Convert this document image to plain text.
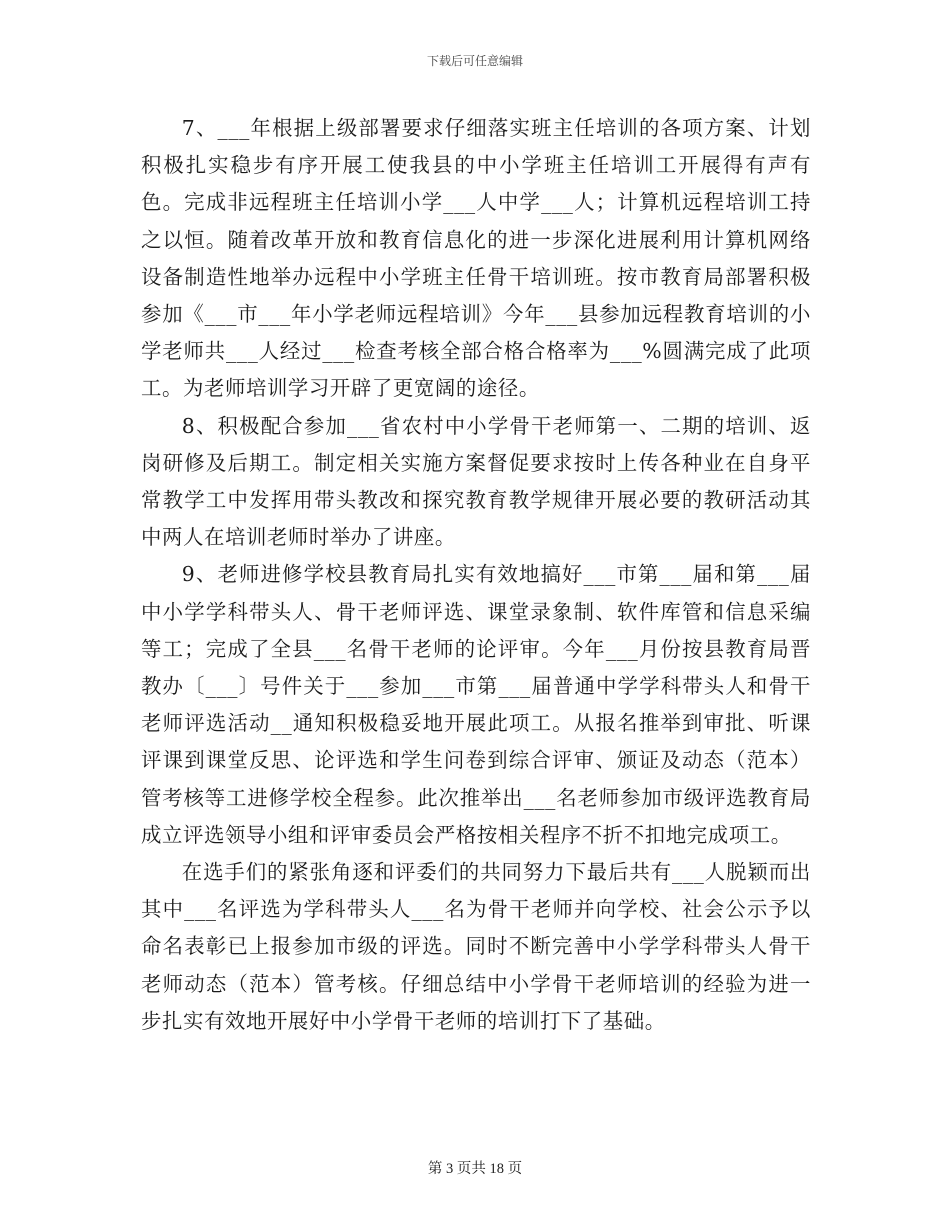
下载后可任意编辑

7、___年根据上级部署要求仔细落实班主任培训的各项方案、计划积极扎实稳步有序开展工使我县的中小学班主任培训工开展得有声有色。完成非远程班主任培训小学___人中学___人；计算机远程培训工持之以恒。随着改革开放和教育信息化的进一步深化进展利用计算机网络设备制造性地举办远程中小学班主任骨干培训班。按市教育局部署积极参加《___市___年小学老师远程培训》今年___县参加远程教育培训的小学老师共___人经过___检查考核全部合格合格率为___%圆满完成了此项工。为老师培训学习开辟了更宽阔的途径。

8、积极配合参加___省农村中小学骨干老师第一、二期的培训、返岗研修及后期工。制定相关实施方案督促要求按时上传各种业在自身平常教学工中发挥用带头教改和探究教育教学规律开展必要的教研活动其中两人在培训老师时举办了讲座。

9、老师进修学校县教育局扎实有效地搞好___市第___届和第___届中小学学科带头人、骨干老师评选、课堂录象制、软件库管和信息采编等工；完成了全县___名骨干老师的论评审。今年___月份按县教育局晋教办〔___〕号件关于___参加___市第___届普通中学学科带头人和骨干老师评选活动__通知积极稳妥地开展此项工。从报名推举到审批、听课评课到课堂反思、论评选和学生问卷到综合评审、颁证及动态（范本）管考核等工进修学校全程参。此次推举出___名老师参加市级评选教育局成立评选领导小组和评审委员会严格按相关程序不折不扣地完成项工。

在选手们的紧张角逐和评委们的共同努力下最后共有___人脱颖而出其中___名评选为学科带头人___名为骨干老师并向学校、社会公示予以命名表彰已上报参加市级的评选。同时不断完善中小学学科带头人骨干老师动态（范本）管考核。仔细总结中小学骨干老师培训的经验为进一步扎实有效地开展好中小学骨干老师的培训打下了基础。

第 3 页共 18 页
